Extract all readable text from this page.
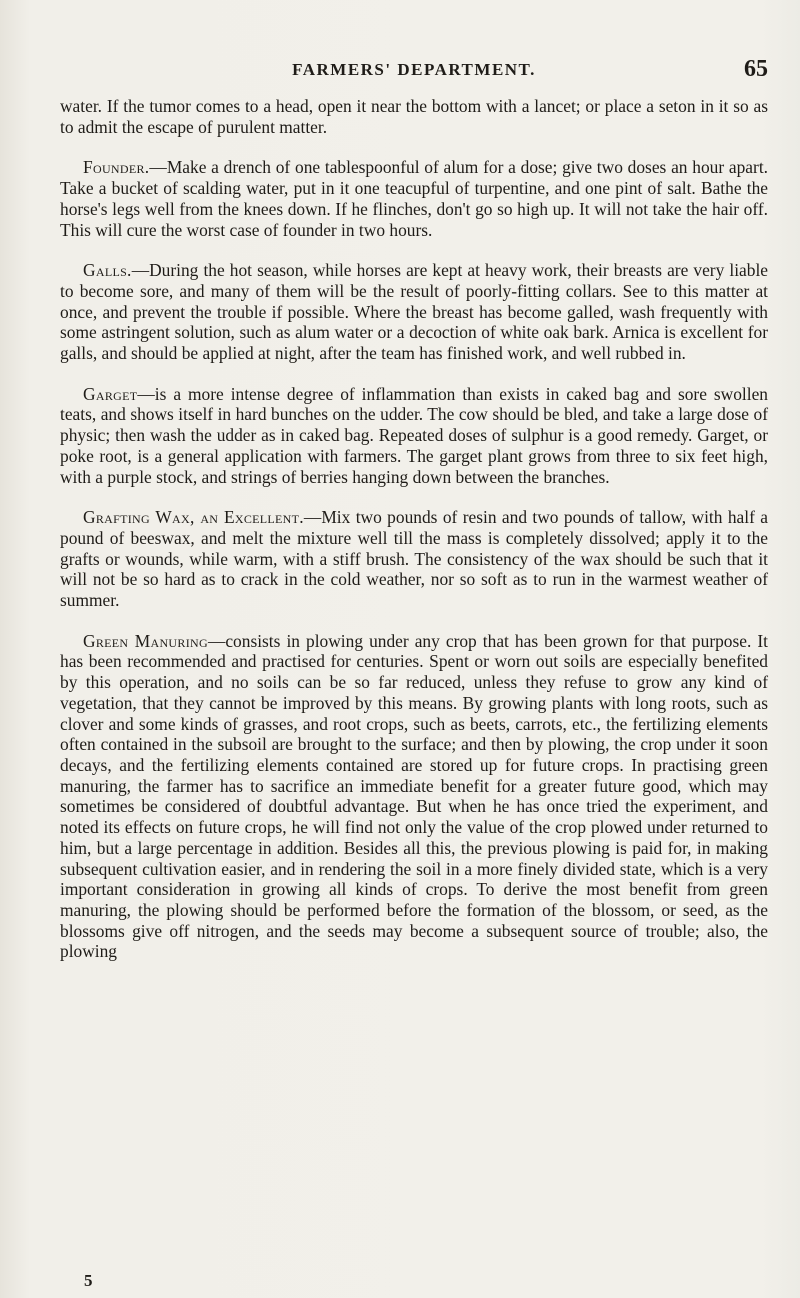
FARMERS' DEPARTMENT.	65

water. If the tumor comes to a head, open it near the bottom with a lancet; or place a seton in it so as to admit the escape of purulent matter.

Founder.—Make a drench of one tablespoonful of alum for a dose; give two doses an hour apart. Take a bucket of scalding water, put in it one teacupful of turpentine, and one pint of salt. Bathe the horse's legs well from the knees down. If he flinches, don't go so high up. It will not take the hair off. This will cure the worst case of founder in two hours.

Galls.—During the hot season, while horses are kept at heavy work, their breasts are very liable to become sore, and many of them will be the result of poorly-fitting collars. See to this matter at once, and prevent the trouble if possible. Where the breast has become galled, wash frequently with some astringent solution, such as alum water or a decoction of white oak bark. Arnica is excellent for galls, and should be applied at night, after the team has finished work, and well rubbed in.

Garget—is a more intense degree of inflammation than exists in caked bag and sore swollen teats, and shows itself in hard bunches on the udder. The cow should be bled, and take a large dose of physic; then wash the udder as in caked bag. Repeated doses of sulphur is a good remedy. Garget, or poke root, is a general application with farmers. The garget plant grows from three to six feet high, with a purple stock, and strings of berries hanging down between the branches.

Grafting Wax, an Excellent.—Mix two pounds of resin and two pounds of tallow, with half a pound of beeswax, and melt the mixture well till the mass is completely dissolved; apply it to the grafts or wounds, while warm, with a stiff brush. The consistency of the wax should be such that it will not be so hard as to crack in the cold weather, nor so soft as to run in the warmest weather of summer.

Green Manuring—consists in plowing under any crop that has been grown for that purpose. It has been recommended and practised for centuries. Spent or worn out soils are especially benefited by this operation, and no soils can be so far reduced, unless they refuse to grow any kind of vegetation, that they cannot be improved by this means. By growing plants with long roots, such as clover and some kinds of grasses, and root crops, such as beets, carrots, etc., the fertilizing elements often contained in the subsoil are brought to the surface; and then by plowing, the crop under it soon decays, and the fertilizing elements contained are stored up for future crops. In practising green manuring, the farmer has to sacrifice an immediate benefit for a greater future good, which may sometimes be considered of doubtful advantage. But when he has once tried the experiment, and noted its effects on future crops, he will find not only the value of the crop plowed under returned to him, but a large percentage in addition. Besides all this, the previous plowing is paid for, in making subsequent cultivation easier, and in rendering the soil in a more finely divided state, which is a very important consideration in growing all kinds of crops. To derive the most benefit from green manuring, the plowing should be performed before the formation of the blossom, or seed, as the blossoms give off nitrogen, and the seeds may become a subsequent source of trouble; also, the plowing

5
